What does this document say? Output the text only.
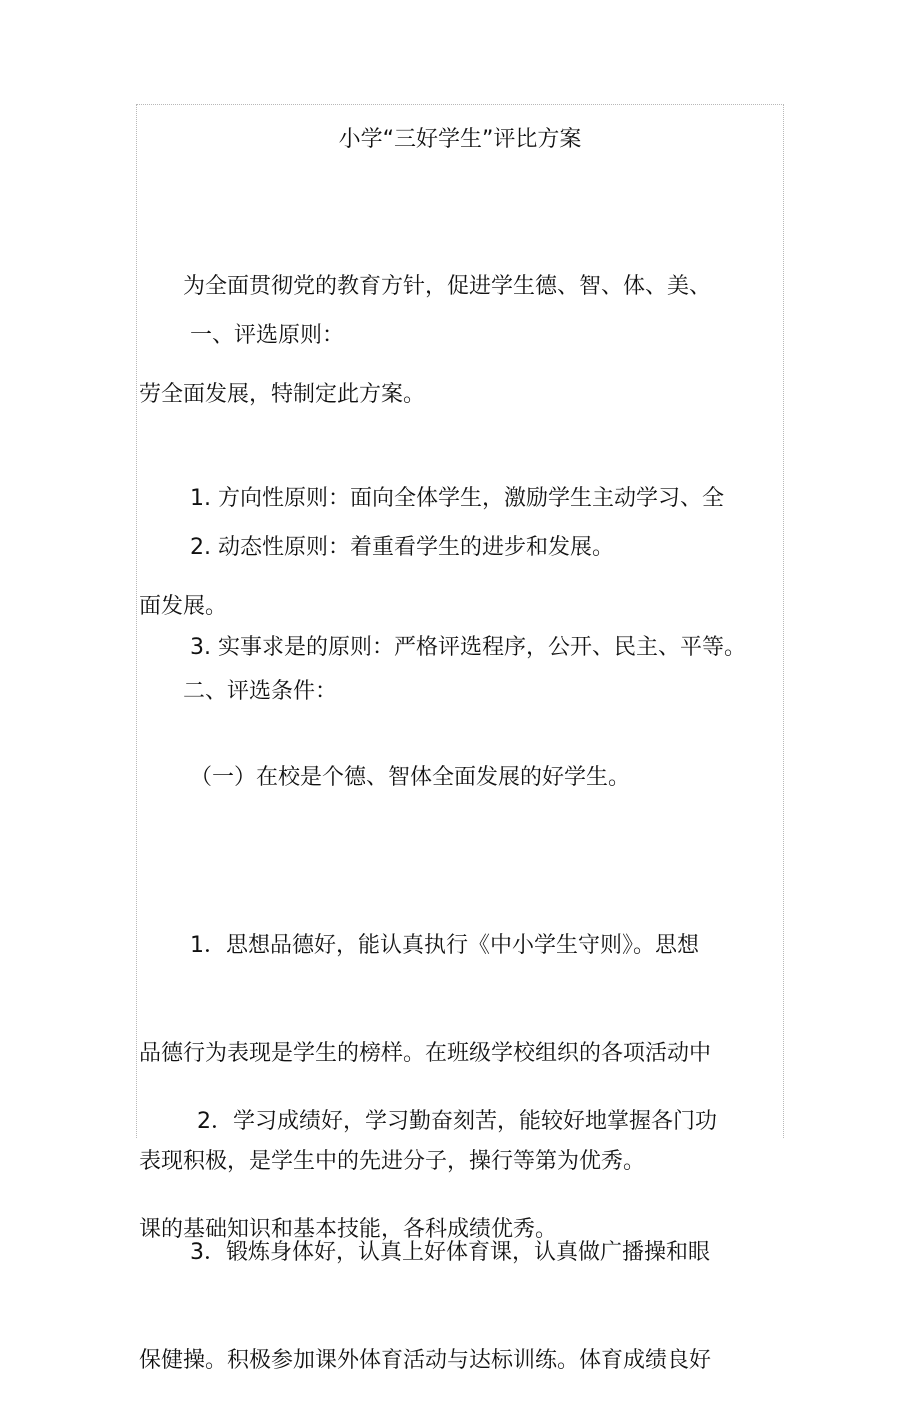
小学“三好学生”评比方案

　　为全面贯彻党的教育方针，促进学生德、智、体、美、

劳全面发展，特制定此方案。

　　 一、评选原则：

　　 1. 方向性原则：面向全体学生，激励学生主动学习、全

面发展。

　　 2. 动态性原则：着重看学生的进步和发展。

　　 3. 实事求是的原则：严格评选程序，公开、民主、平等。

　　二、评选条件：

　　 （一）在校是个德、智体全面发展的好学生。

　　 1．思想品德好，能认真执行《中小学生守则》。思想

品德行为表现是学生的榜样。在班级学校组织的各项活动中

表现积极，是学生中的先进分子，操行等第为优秀。

　　  2．学习成绩好，学习勤奋刻苦，能较好地掌握各门功

课的基础知识和基本技能，各科成绩优秀。

　　 3．锻炼身体好，认真上好体育课，认真做广播操和眼

保健操。积极参加课外体育活动与达标训练。体育成绩良好
